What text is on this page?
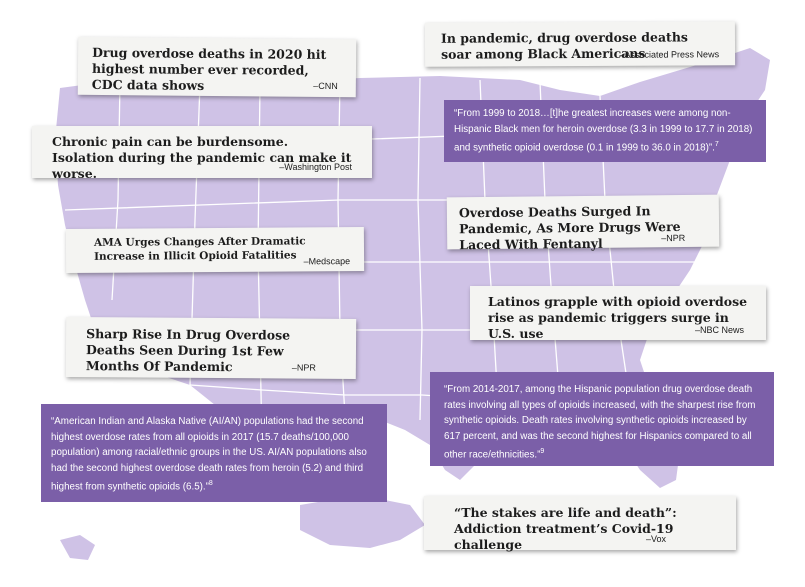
Drug overdose deaths in 2020 hit highest number ever recorded, CDC data shows	–CNN
In pandemic, drug overdose deaths soar among Black Americans
–Associated Press News
“From 1999 to 2018…[t]he greatest increases were among non-Hispanic Black men for heroin overdose (3.3 in 1999 to 17.7 in 2018) and synthetic opioid overdose (0.1 in 1999 to 36.0 in 2018)”.$^7$
Chronic pain can be burdensome. Isolation during the pandemic can make it worse.	–Washington Post
Overdose Deaths Surged In Pandemic, As More Drugs Were Laced With Fentanyl	–NPR
AMA Urges Changes After Dramatic Increase in Illicit Opioid Fatalities –Medscape
Latinos grapple with opioid overdose rise as pandemic triggers surge in U.S. use	–NBC News
Sharp Rise In Drug Overdose Deaths Seen During 1st Few Months Of Pandemic	–NPR
“From 2014-2017, among the Hispanic population drug overdose death rates involving all types of opioids increased, with the sharpest rise from synthetic opioids. Death rates involving synthetic opioids increased by 617 percent, and was the second highest for Hispanics compared to all other race/ethnicities.”$^9$
“American Indian and Alaska Native (AI/AN) populations had the second highest overdose rates from all opioids in 2017 (15.7 deaths/100,000 population) among racial/ethnic groups in the US. AI/AN populations also had the second highest overdose death rates from heroin (5.2) and third highest from synthetic opioids (6.5).”$^8$
“The stakes are life and death”: Addiction treatment’s Covid-19 challenge	–Vox
